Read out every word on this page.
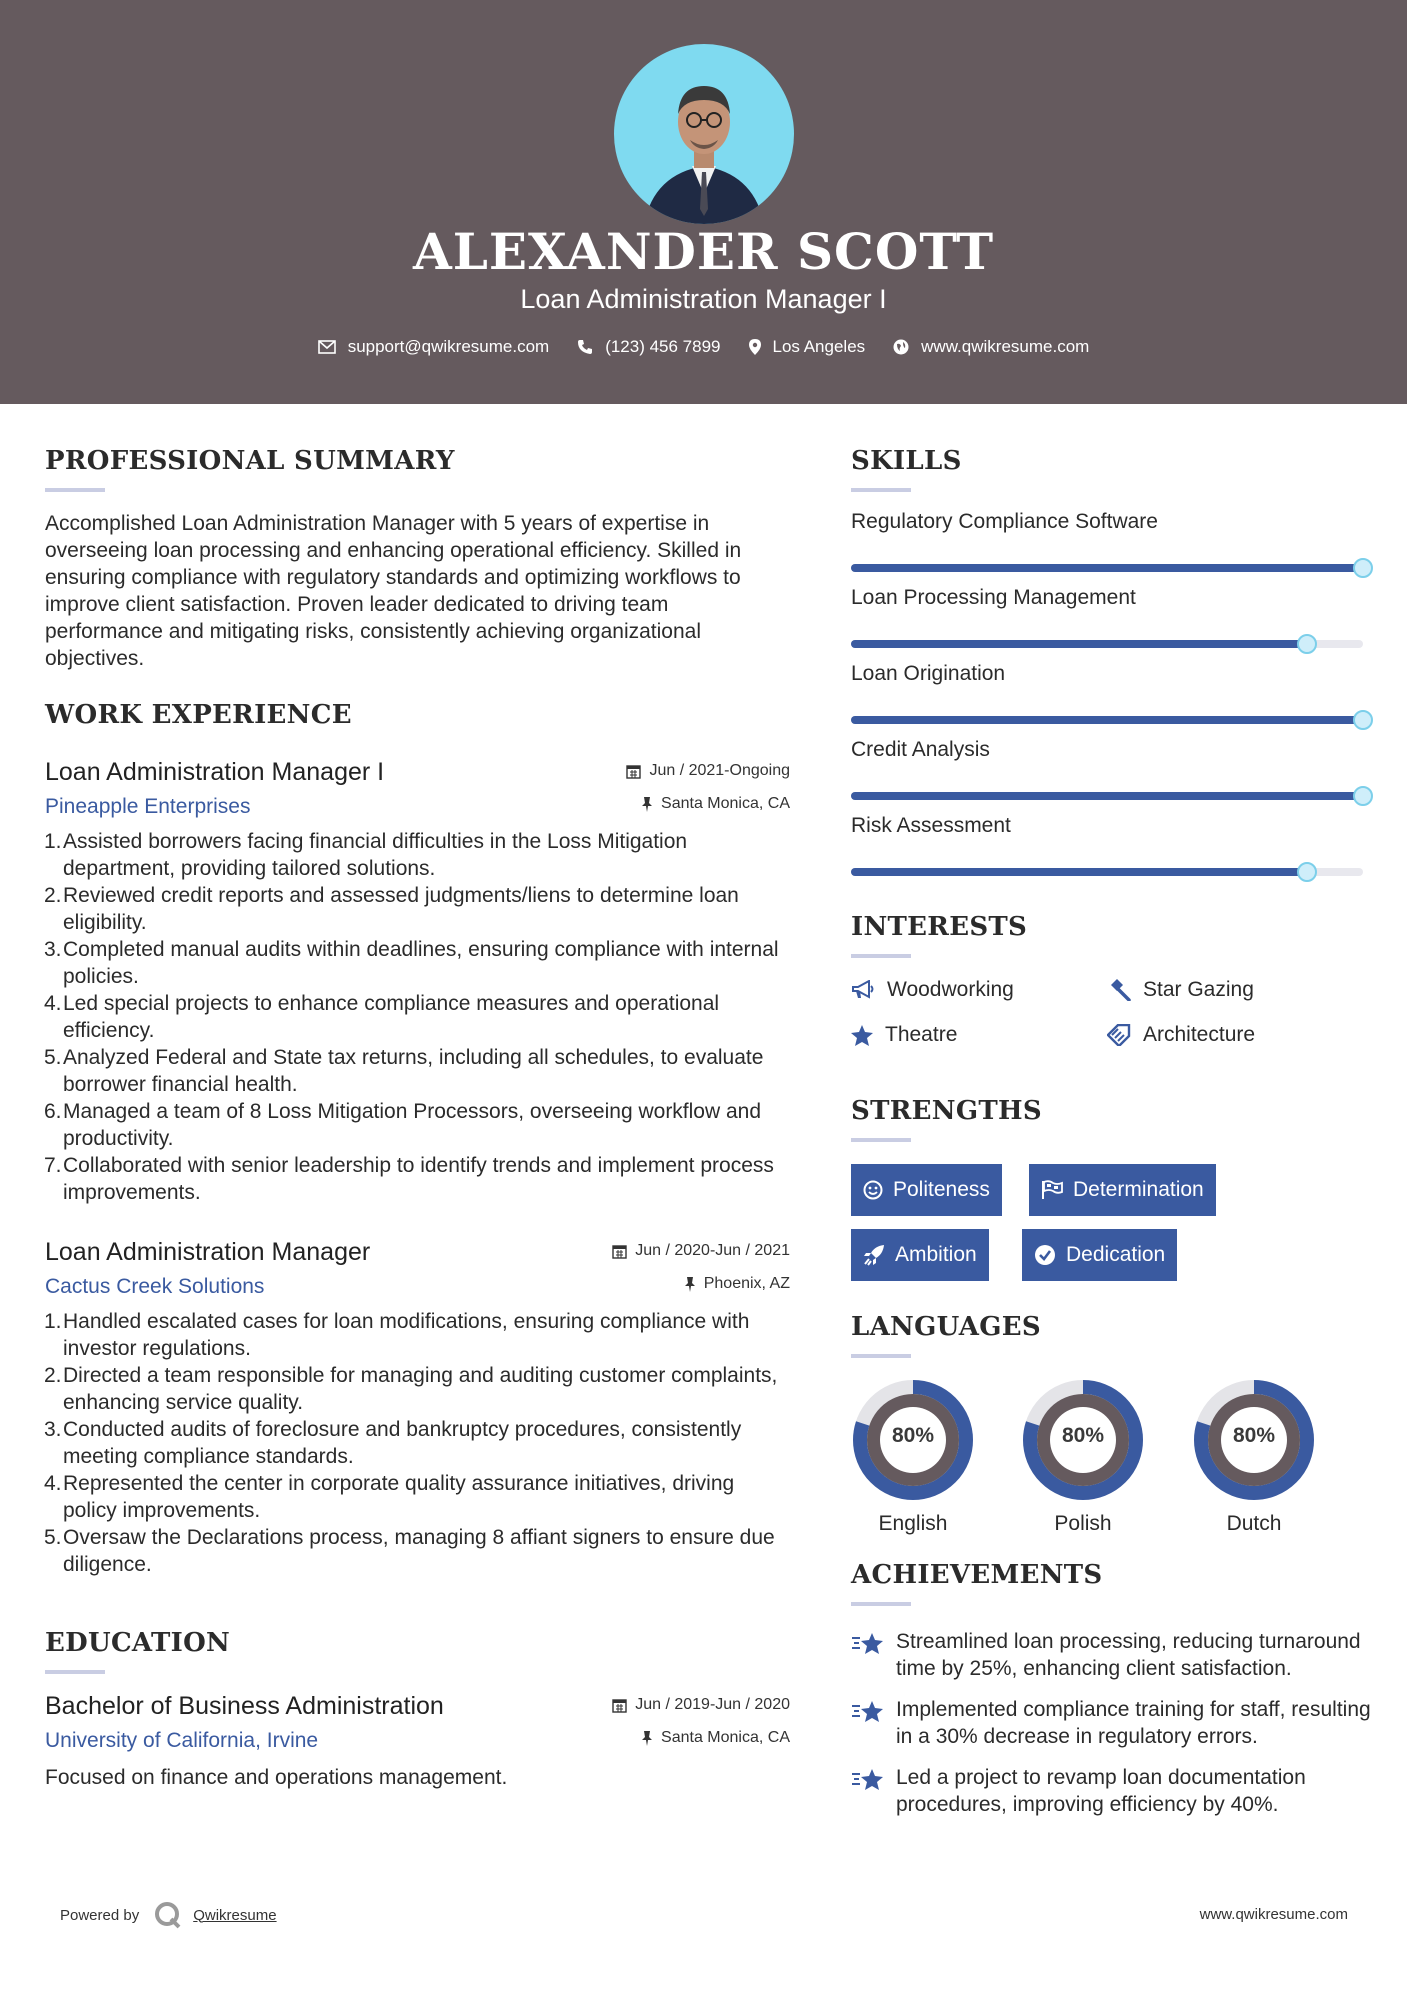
ALEXANDER SCOTT
Loan Administration Manager I
support@qwikresume.com	(123) 456 7899	Los Angeles	www.qwikresume.com
PROFESSIONAL SUMMARY
Accomplished Loan Administration Manager with 5 years of expertise in overseeing loan processing and enhancing operational efficiency. Skilled in ensuring compliance with regulatory standards and optimizing workflows to improve client satisfaction. Proven leader dedicated to driving team performance and mitigating risks, consistently achieving organizational objectives.
WORK EXPERIENCE
Loan Administration Manager I
Pineapple Enterprises
Jun / 2021-Ongoing
Santa Monica, CA
1. Assisted borrowers facing financial difficulties in the Loss Mitigation department, providing tailored solutions.
2. Reviewed credit reports and assessed judgments/liens to determine loan eligibility.
3. Completed manual audits within deadlines, ensuring compliance with internal policies.
4. Led special projects to enhance compliance measures and operational efficiency.
5. Analyzed Federal and State tax returns, including all schedules, to evaluate borrower financial health.
6. Managed a team of 8 Loss Mitigation Processors, overseeing workflow and productivity.
7. Collaborated with senior leadership to identify trends and implement process improvements.
Loan Administration Manager
Cactus Creek Solutions
Jun / 2020-Jun / 2021
Phoenix, AZ
1. Handled escalated cases for loan modifications, ensuring compliance with investor regulations.
2. Directed a team responsible for managing and auditing customer complaints, enhancing service quality.
3. Conducted audits of foreclosure and bankruptcy procedures, consistently meeting compliance standards.
4. Represented the center in corporate quality assurance initiatives, driving policy improvements.
5. Oversaw the Declarations process, managing 8 affiant signers to ensure due diligence.
EDUCATION
Bachelor of Business Administration
University of California, Irvine
Jun / 2019-Jun / 2020
Santa Monica, CA
Focused on finance and operations management.
SKILLS
Regulatory Compliance Software
Loan Processing Management
Loan Origination
Credit Analysis
Risk Assessment
INTERESTS
Woodworking	Star Gazing
Theatre	Architecture
STRENGTHS
Politeness	Determination
Ambition	Dedication
LANGUAGES
80%
English
80%
Polish
80%
Dutch
ACHIEVEMENTS
Streamlined loan processing, reducing turnaround time by 25%, enhancing client satisfaction.
Implemented compliance training for staff, resulting in a 30% decrease in regulatory errors.
Led a project to revamp loan documentation procedures, improving efficiency by 40%.
Powered by	Qwikresume	www.qwikresume.com
